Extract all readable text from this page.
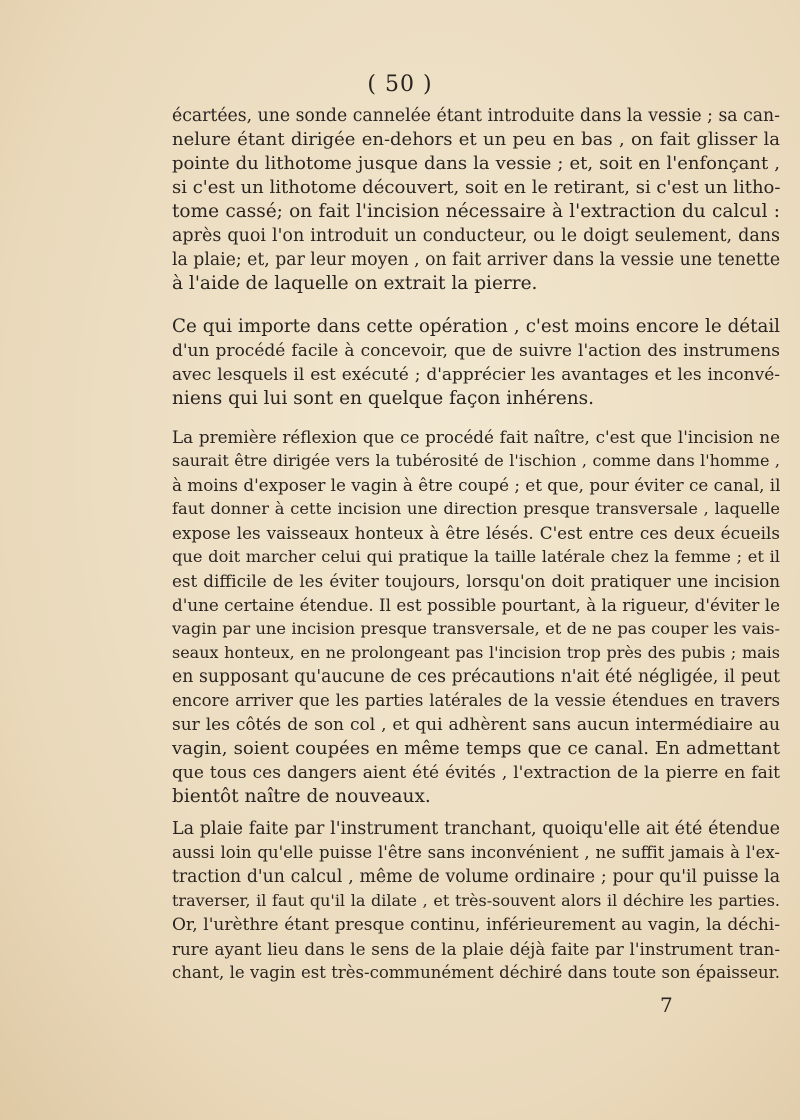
( 50 )
écartées, une sonde cannelée étant introduite dans la vessie ; sa can-
nelure étant dirigée en-dehors et un peu en bas , on fait glisser la
pointe du lithotome jusque dans la vessie ; et, soit en l'enfonçant ,
si c'est un lithotome découvert, soit en le retirant, si c'est un litho-
tome cassé; on fait l'incision nécessaire à l'extraction du calcul :
après quoi l'on introduit un conducteur, ou le doigt seulement, dans
la plaie; et, par leur moyen , on fait arriver dans la vessie une tenette
à l'aide de laquelle on extrait la pierre.
Ce qui importe dans cette opération , c'est moins encore le détail
d'un procédé facile à concevoir, que de suivre l'action des instrumens
avec lesquels il est exécuté ; d'apprécier les avantages et les inconvé-
niens qui lui sont en quelque façon inhérens.
La première réflexion que ce procédé fait naître, c'est que l'incision ne
saurait être dirigée vers la tubérosité de l'ischion , comme dans l'homme ,
à moins d'exposer le vagin à être coupé ; et que, pour éviter ce canal, il
faut donner à cette incision une direction presque transversale , laquelle
expose les vaisseaux honteux à être lésés. C'est entre ces deux écueils
que doit marcher celui qui pratique la taille latérale chez la femme ; et il
est difficile de les éviter toujours, lorsqu'on doit pratiquer une incision
d'une certaine étendue. Il est possible pourtant, à la rigueur, d'éviter le
vagin par une incision presque transversale, et de ne pas couper les vais-
seaux honteux, en ne prolongeant pas l'incision trop près des pubis ; mais
en supposant qu'aucune de ces précautions n'ait été négligée, il peut
encore arriver que les parties latérales de la vessie étendues en travers
sur les côtés de son col , et qui adhèrent sans aucun intermédiaire au
vagin, soient coupées en même temps que ce canal. En admettant
que tous ces dangers aient été évités , l'extraction de la pierre en fait
bientôt naître de nouveaux.
La plaie faite par l'instrument tranchant, quoiqu'elle ait été étendue
aussi loin qu'elle puisse l'être sans inconvénient , ne suffit jamais à l'ex-
traction d'un calcul , même de volume ordinaire ; pour qu'il puisse la
traverser, il faut qu'il la dilate , et très-souvent alors il déchire les parties.
Or, l'urèthre étant presque continu, inférieurement au vagin, la déchi-
rure ayant lieu dans le sens de la plaie déjà faite par l'instrument tran-
chant, le vagin est très-communément déchiré dans toute son épaisseur.
7
